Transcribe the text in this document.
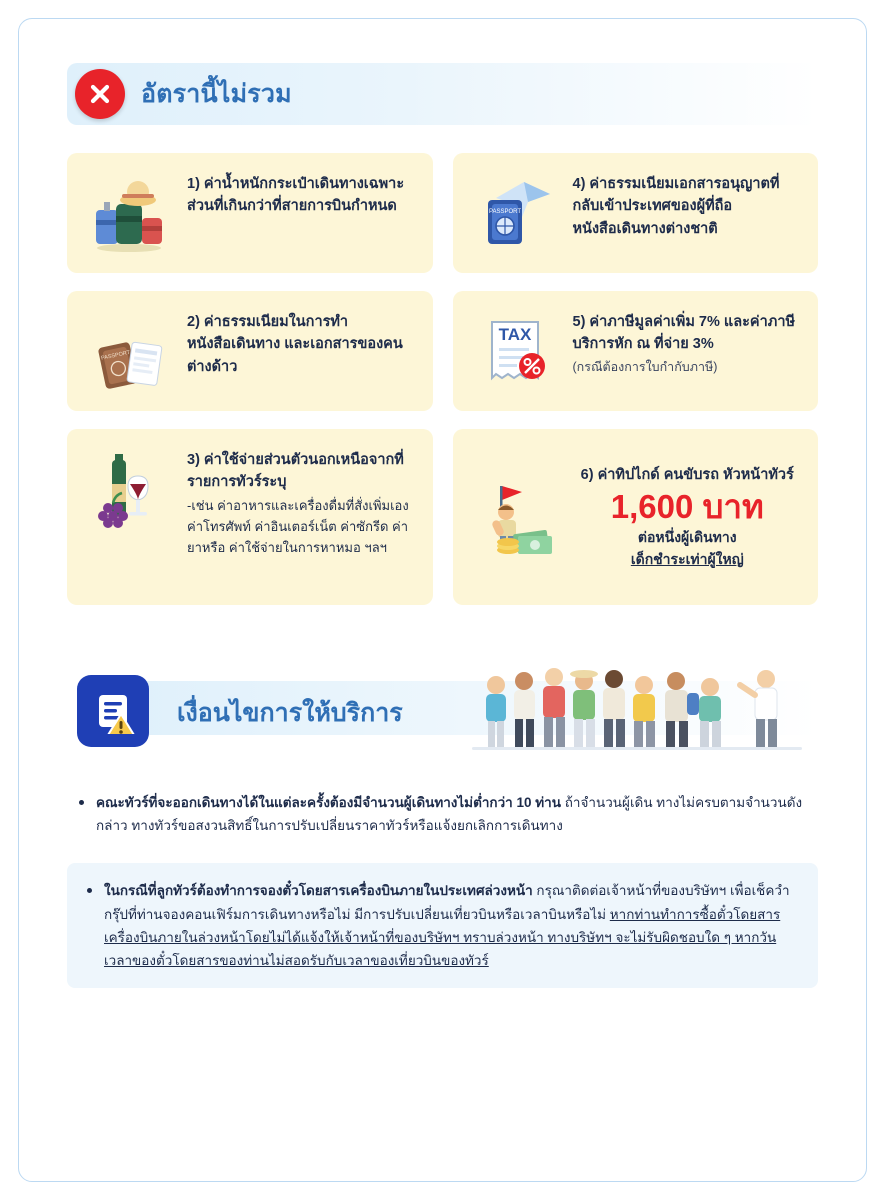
อัตรานี้ไม่รวม
1) ค่าน้ำหนักกระเป๋าเดินทางเฉพาะส่วนที่เกินกว่าที่สายการบินกำหนด	PASSPORT
4) ค่าธรรมเนียมเอกสารอนุญาตที่กลับเข้าประเทศของผู้ที่ถือหนังสือเดินทางต่างชาติ
PASSPORT
2) ค่าธรรมเนียมในการทำหนังสือเดินทาง และเอกสารของคนต่างด้าว
TAX
5) ค่าภาษีมูลค่าเพิ่ม 7% และค่าภาษีบริการหัก ณ ที่จ่าย 3%
(กรณีต้องการใบกำกับภาษี)
3) ค่าใช้จ่ายส่วนตัวนอกเหนือจากที่รายการทัวร์ระบุ
-เช่น ค่าอาหารและเครื่องดื่มที่สั่งเพิ่มเอง ค่าโทรศัพท์ ค่าอินเตอร์เน็ต ค่าซักรีด ค่ายาหรือ ค่าใช้จ่ายในการหาหมอ ฯลฯ
6) ค่าทิปไกด์ คนขับรถ หัวหน้าทัวร์
1,600 บาท
ต่อหนึ่งผู้เดินทาง
เด็กชำระเท่าผู้ใหญ่
เงื่อนไขการให้บริการ
คณะทัวร์ที่จะออกเดินทางได้ในแต่ละครั้งต้องมีจำนวนผู้เดินทางไม่ต่ำกว่า 10 ท่าน ถ้าจำนวนผู้เดิน ทางไม่ครบตามจำนวนดังกล่าว ทางทัวร์ขอสงวนสิทธิ์ในการปรับเปลี่ยนราคาทัวร์หรือแจ้งยกเลิกการเดินทาง
ในกรณีที่ลูกทัวร์ต้องทำการจองตั๋วโดยสารเครื่องบินภายในประเทศล่วงหน้า กรุณาติดต่อเจ้าหน้าที่ของบริษัทฯ เพื่อเช็ควำกรุ๊ปที่ท่านจองคอนเฟิร์มการเดินทางหรือไม่ มีการปรับเปลี่ยนเที่ยวบินหรือเวลาบินหรือไม่ หากท่านทำการซื้อตั๋วโดยสารเครื่องบินภายในล่วงหน้าโดยไม่ได้แจ้งให้เจ้าหน้าที่ของบริษัทฯ ทราบล่วงหน้า ทางบริษัทฯ จะไม่รับผิดชอบใด ๆ หากวัน เวลาของตั๋วโดยสารของท่านไม่สอดรับกับเวลาของเที่ยวบินของทัวร์
